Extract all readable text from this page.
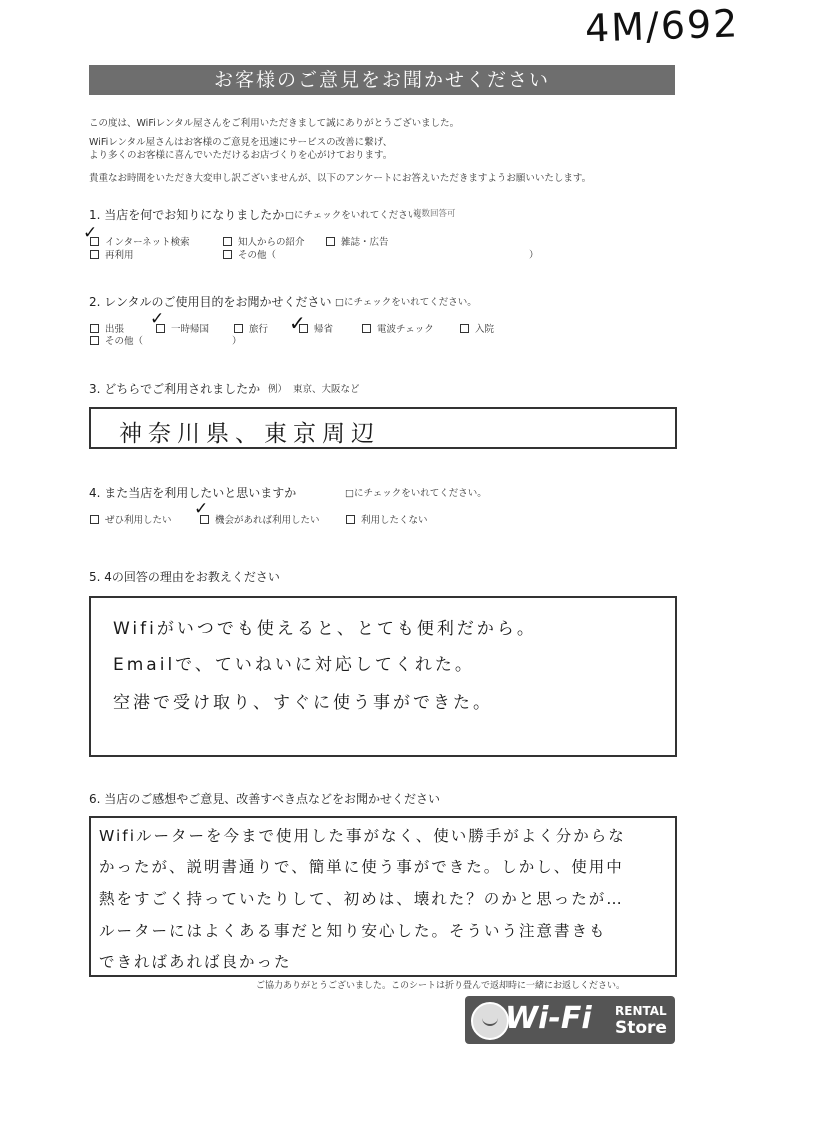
4M/692
お客様のご意見をお聞かせください
この度は、WiFiレンタル屋さんをご利用いただきまして誠にありがとうございました。
WiFiレンタル屋さんはお客様のご意見を迅速にサービスの改善に繋げ、
より多くのお客様に喜んでいただけるお店づくりを心がけております。
貴重なお時間をいただき大変申し訳ございませんが、以下のアンケートにお答えいただきますようお願いいたします。
1. 当店を何でお知りになりましたか □にチェックをいれてください。
複数回答可
インターネット検索	知人からの紹介	雑誌・広告
再利用	その他（	）
✓
2. レンタルのご使用目的をお聞かせください □にチェックをいれてください。
出張	一時帰国	旅行	帰省	電波チェック	入院
その他（	）
✓	✓
3. どちらでご利用されましたか 例） 東京、大阪など
神奈川県、東京周辺
4. また当店を利用したいと思いますか	□にチェックをいれてください。
ぜひ利用したい	機会があれば利用したい	利用したくない
✓
5. 4の回答の理由をお教えください
Wifiがいつでも使えると、とても便利だから。
Emailで、ていねいに対応してくれた。
空港で受け取り、すぐに使う事ができた。
6. 当店のご感想やご意見、改善すべき点などをお聞かせください
Wifiルーターを今まで使用した事がなく、使い勝手がよく分からな
かったが、説明書通りで、簡単に使う事ができた。しかし、使用中
熱をすごく持っていたりして、初めは、壊れた？のかと思ったが…
ルーターにはよくある事だと知り安心した。そういう注意書きも
できればあれば良かった
ご協力ありがとうございました。このシートは折り畳んで返却時に一緒にお返しください。
Wi-Fi RENTAL
Store
